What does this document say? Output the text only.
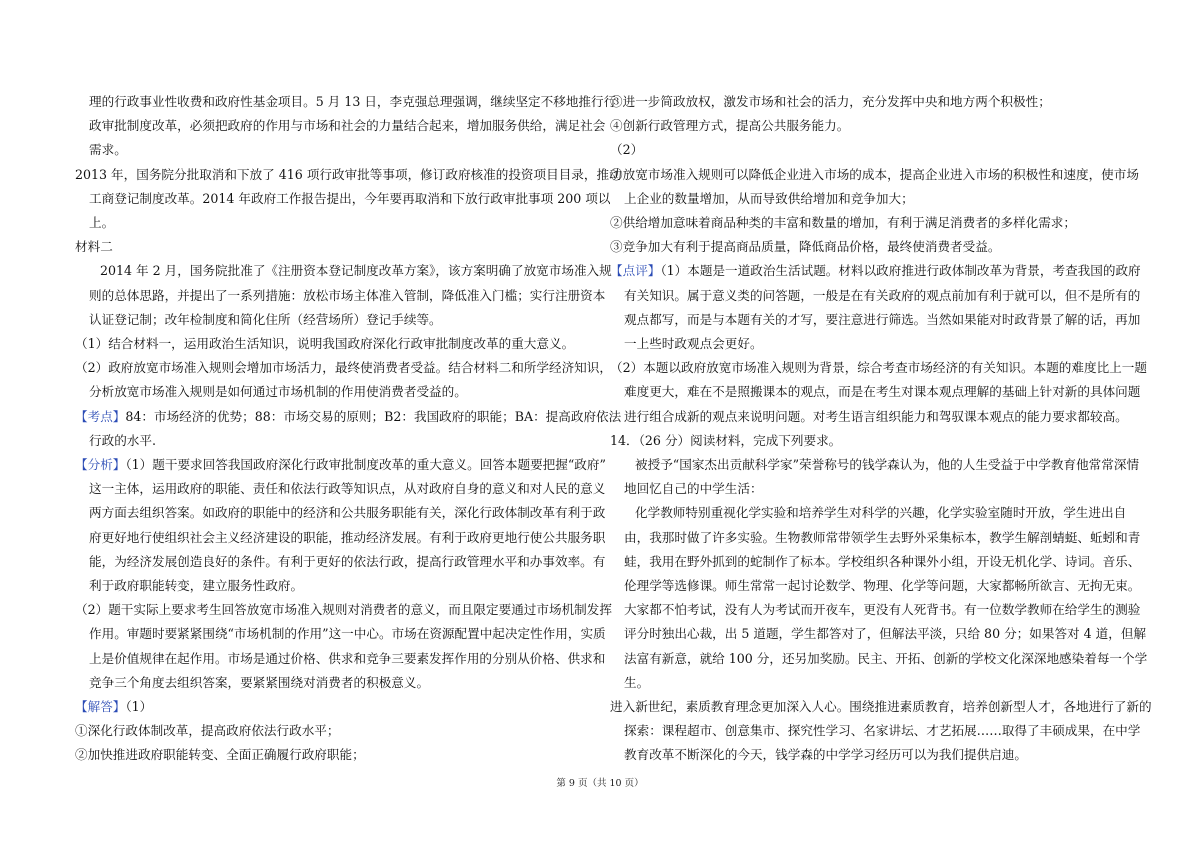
理的行政事业性收费和政府性基金项目。5 月 13 日，李克强总理强调，继续坚定不移地推行行
政审批制度改革，必须把政府的作用与市场和社会的力量结合起来，增加服务供给，满足社会
需求。
2013 年，国务院分批取消和下放了 416 项行政审批等事项，修订政府核准的投资项目目录，推动
工商登记制度改革。2014 年政府工作报告提出，今年要再取消和下放行政审批事项 200 项以
上。
材料二
2014 年 2 月，国务院批准了《注册资本登记制度改革方案》，该方案明确了放宽市场准入规
则的总体思路，并提出了一系列措施：放松市场主体准入管制，降低准入门槛；实行注册资本
认证登记制；改年检制度和简化住所（经营场所）登记手续等。
（1）结合材料一，运用政治生活知识，说明我国政府深化行政审批制度改革的重大意义。
（2）政府放宽市场准入规则会增加市场活力，最终使消费者受益。结合材料二和所学经济知识，
分析放宽市场准入规则是如何通过市场机制的作用使消费者受益的。
【考点】84：市场经济的优势；88：市场交易的原则；B2：我国政府的职能；BA：提高政府依法
行政的水平.
【分析】（1）题干要求回答我国政府深化行政审批制度改革的重大意义。回答本题要把握“政府”
这一主体，运用政府的职能、责任和依法行政等知识点，从对政府自身的意义和对人民的意义
两方面去组织答案。如政府的职能中的经济和公共服务职能有关，深化行政体制改革有利于政
府更好地行使组织社会主义经济建设的职能，推动经济发展。有利于政府更地行使公共服务职
能，为经济发展创造良好的条件。有利于更好的依法行政，提高行政管理水平和办事效率。有
利于政府职能转变，建立服务性政府。
（2）题干实际上要求考生回答放宽市场准入规则对消费者的意义，而且限定要通过市场机制发挥
作用。审题时要紧紧围绕“市场机制的作用”这一中心。市场在资源配置中起决定性作用，实质
上是价值规律在起作用。市场是通过价格、供求和竞争三要素发挥作用的分别从价格、供求和
竞争三个角度去组织答案，要紧紧围绕对消费者的积极意义。
【解答】（1）
①深化行政体制改革，提高政府依法行政水平；
②加快推进政府职能转变、全面正确履行政府职能；
③进一步简政放权，激发市场和社会的活力，充分发挥中央和地方两个积极性；
④创新行政管理方式，提高公共服务能力。
（2）
①放宽市场准入规则可以降低企业进入市场的成本，提高企业进入市场的积极性和速度，使市场
上企业的数量增加，从而导致供给增加和竞争加大；
②供给增加意味着商品种类的丰富和数量的增加，有利于满足消费者的多样化需求；
③竞争加大有利于提高商品质量，降低商品价格，最终使消费者受益。
【点评】（1）本题是一道政治生活试题。材料以政府推进行政体制改革为背景，考查我国的政府
有关知识。属于意义类的问答题，一般是在有关政府的观点前加有利于就可以，但不是所有的
观点都写，而是与本题有关的才写，要注意进行筛选。当然如果能对时政背景了解的话，再加
一上些时政观点会更好。
（2）本题以政府放宽市场准入规则为背景，综合考查市场经济的有关知识。本题的难度比上一题
难度更大，难在不是照搬课本的观点，而是在考生对课本观点理解的基础上针对新的具体问题
进行组合成新的观点来说明问题。对考生语言组织能力和驾驭课本观点的能力要求都较高。
14．（26 分）阅读材料，完成下列要求。
被授予“国家杰出贡献科学家”荣誉称号的钱学森认为，他的人生受益于中学教育他常常深情
地回忆自己的中学生活：
化学教师特别重视化学实验和培养学生对科学的兴趣，化学实验室随时开放，学生进出自
由，我那时做了许多实验。生物教师常带领学生去野外采集标本，教学生解剖蜻蜓、蚯蚓和青
蛙，我用在野外抓到的蛇制作了标本。学校组织各种课外小组，开设无机化学、诗词。音乐、
伦理学等选修课。师生常常一起讨论数学、物理、化学等问题，大家都畅所欲言、无拘无束。
大家都不怕考试，没有人为考试而开夜车，更没有人死背书。有一位数学教师在给学生的测验
评分时独出心裁，出 5 道题，学生都答对了，但解法平淡，只给 80 分；如果答对 4 道，但解
法富有新意，就给 100 分，还另加奖励。民主、开拓、创新的学校文化深深地感染着每一个学
生。
进入新世纪，素质教育理念更加深入人心。围绕推进素质教育，培养创新型人才，各地进行了新的
探索：课程超市、创意集市、探究性学习、名家讲坛、才艺拓展……取得了丰硕成果，在中学
教育改革不断深化的今天，钱学森的中学学习经历可以为我们提供启迪。
第 9 页（共 10 页）
